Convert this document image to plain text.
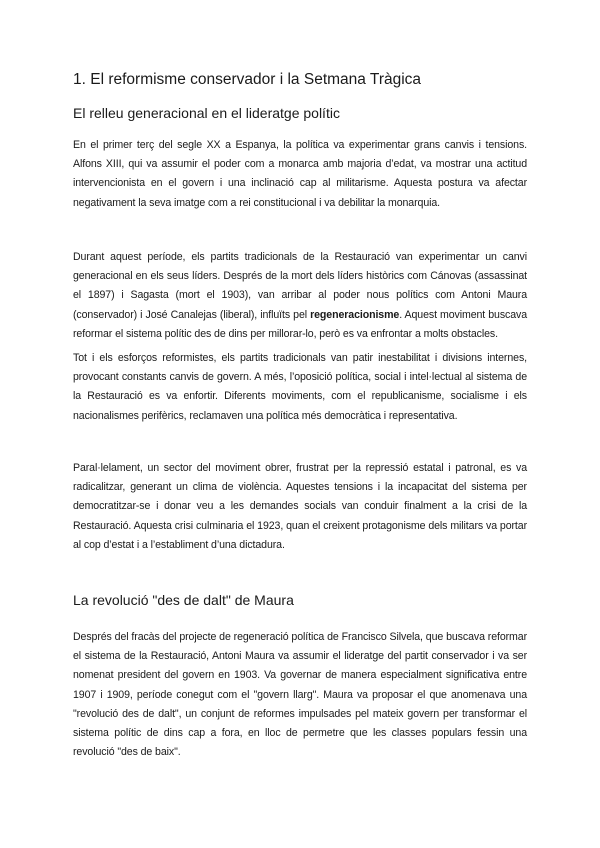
1. El reformisme conservador i la Setmana Tràgica
El relleu generacional en el lideratge polític

En el primer terç del segle XX a Espanya, la política va experimentar grans canvis i tensions. Alfons XIII, qui va assumir el poder com a monarca amb majoria d’edat, va mostrar una actitud intervencionista en el govern i una inclinació cap al militarisme. Aquesta postura va afectar negativament la seva imatge com a rei constitucional i va debilitar la monarquia.

Durant aquest període, els partits tradicionals de la Restauració van experimentar un canvi generacional en els seus líders. Després de la mort dels líders històrics com Cánovas (assassinat el 1897) i Sagasta (mort el 1903), van arribar al poder nous polítics com Antoni Maura (conservador) i José Canalejas (liberal), influïts pel regeneracionisme. Aquest moviment buscava reformar el sistema polític des de dins per millorar-lo, però es va enfrontar a molts obstacles.

Tot i els esforços reformistes, els partits tradicionals van patir inestabilitat i divisions internes, provocant constants canvis de govern. A més, l’oposició política, social i intel·lectual al sistema de la Restauració es va enfortir. Diferents moviments, com el republicanisme, socialisme i els nacionalismes perifèrics, reclamaven una política més democràtica i representativa.

Paral·lelament, un sector del moviment obrer, frustrat per la repressió estatal i patronal, es va radicalitzar, generant un clima de violència. Aquestes tensions i la incapacitat del sistema per democratitzar-se i donar veu a les demandes socials van conduir finalment a la crisi de la Restauració. Aquesta crisi culminaria el 1923, quan el creixent protagonisme dels militars va portar al cop d’estat i a l’establiment d’una dictadura.

La revolució "des de dalt" de Maura

Després del fracàs del projecte de regeneració política de Francisco Silvela, que buscava reformar el sistema de la Restauració, Antoni Maura va assumir el lideratge del partit conservador i va ser nomenat president del govern en 1903. Va governar de manera especialment significativa entre 1907 i 1909, període conegut com el "govern llarg". Maura va proposar el que anomenava una "revolució des de dalt", un conjunt de reformes impulsades pel mateix govern per transformar el sistema polític de dins cap a fora, en lloc de permetre que les classes populars fessin una revolució "des de baix".
